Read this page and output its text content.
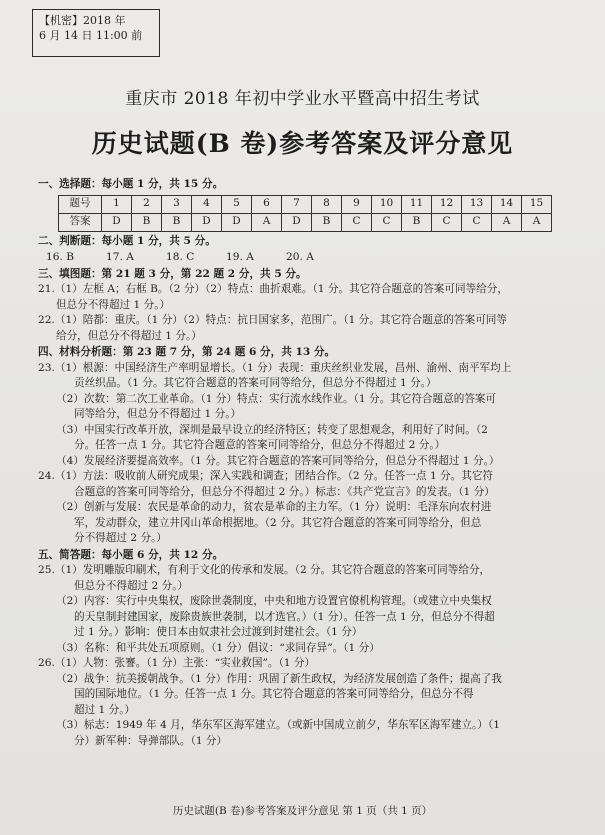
【机密】2018 年
6 月 14 日 11:00 前
重庆市 2018 年初中学业水平暨高中招生考试
历史试题(B 卷)参考答案及评分意见
一、选择题：每小题 1 分，共 15 分。
题号	1	2	3	4	5	6	7	8	9	10	11	12	13	14	15
答案	D	B	B	D	D	A	D	B	C	C	B	C	C	A	A
二、判断题：每小题 1 分，共 5 分。
16. B	17. A	18. C	19. A	20. A
三、填图题：第 21 题 3 分，第 22 题 2 分，共 5 分。
21.（1）左框 A；右框 B。（2 分）（2）特点：曲折艰难。（1 分。其它符合题意的答案可同等给分，
但总分不得超过 1 分。）
22.（1）陪都：重庆。（1 分）（2）特点：抗日国家多，范围广。（1 分。其它符合题意的答案可同等
给分，但总分不得超过 1 分。）
四、材料分析题：第 23 题 7 分，第 24 题 6 分，共 13 分。
23.（1）根源：中国经济生产率明显增长。（1 分）表现：重庆丝织业发展，昌州、渝州、南平军均上
贡丝织品。（1 分。其它符合题意的答案可同等给分，但总分不得超过 1 分。）
（2）次数：第二次工业革命。（1 分）特点：实行流水线作业。（1 分。其它符合题意的答案可
同等给分，但总分不得超过 1 分。）
（3）中国实行改革开放，深圳是最早设立的经济特区；转变了思想观念，利用好了时间。（2
分。任答一点 1 分。其它符合题意的答案可同等给分，但总分不得超过 2 分。）
（4）发展经济要提高效率。（1 分。其它符合题意的答案可同等给分，但总分不得超过 1 分。）
24.（1）方法：吸收前人研究成果；深入实践和调查；团结合作。（2 分。任答一点 1 分。其它符
合题意的答案可同等给分，但总分不得超过 2 分。）标志：《共产党宣言》的发表。（1 分）
（2）创新与发展：农民是革命的动力，贫农是革命的主力军。（1 分）说明：毛泽东向农村进
军，发动群众，建立井冈山革命根据地。（2 分。其它符合题意的答案可同等给分，但总
分不得超过 2 分。）
五、简答题：每小题 6 分，共 12 分。
25.（1）发明雕版印刷术，有利于文化的传承和发展。（2 分。其它符合题意的答案可同等给分，
但总分不得超过 2 分。）
（2）内容：实行中央集权，废除世袭制度，中央和地方设置官僚机构管理。（或建立中央集权
的天皇制封建国家，废除贵族世袭制，以才选官。）（1 分）。任答一点 1 分，但总分不得超
过 1 分。）影响：使日本由奴隶社会过渡到封建社会。（1 分）
（3）名称：和平共处五项原则。（1 分）倡议：“求同存异”。（1 分）
26.（1）人物：张謇。（1 分）主张：“实业救国”。（1 分）
（2）战争：抗美援朝战争。（1 分）作用：巩固了新生政权，为经济发展创造了条件；提高了我
国的国际地位。（1 分。任答一点 1 分。其它符合题意的答案可同等给分，但总分不得
超过 1 分。）
（3）标志：1949 年 4 月，华东军区海军建立。（或新中国成立前夕，华东军区海军建立。）（1
分）新军种：导弹部队。（1 分）
历史试题(B 卷)参考答案及评分意见 第 1 页（共 1 页）
